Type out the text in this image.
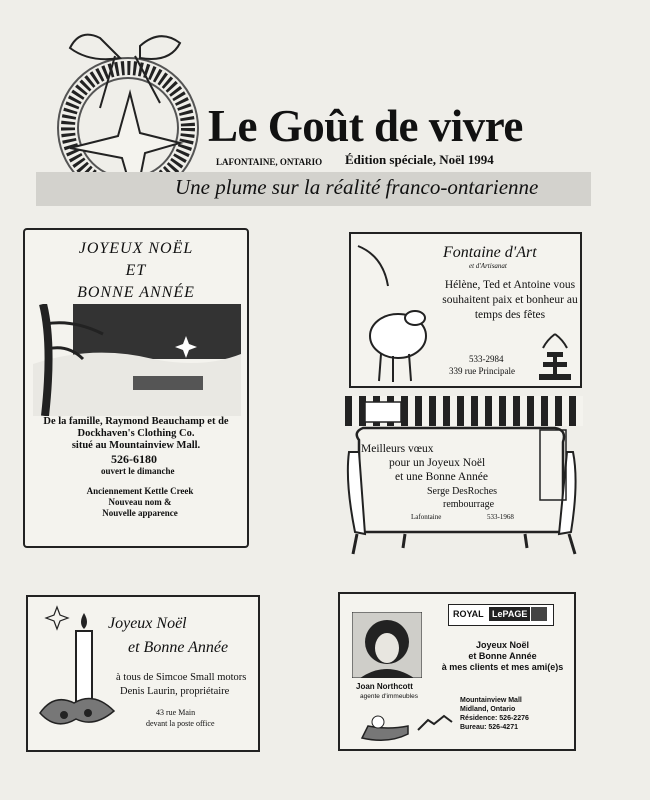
Le Goût de vivre
LAFONTAINE, ONTARIO Édition spéciale, Noël 1994
Une plume sur la réalité franco-ontarienne
JOYEUX NOËL
ET
BONNE ANNÉE
De la famille, Raymond Beauchamp et de
Dockhaven's Clothing Co.
situé au Mountainview Mall.
526-6180
ouvert le dimanche
Anciennement Kettle Creek
Nouveau nom &
Nouvelle apparence
Fontaine d'Art
et d'Artisanat
Hélène, Ted et Antoine vous
souhaitent paix et bonheur au
temps des fêtes
533-2984
339 rue Principale
Meilleurs vœux
pour un Joyeux Noël
et une Bonne Année
Serge DesRoches
rembourrage
Lafontaine	533-1968
Joyeux Noël
et Bonne Année
à tous de Simcoe Small motors
Denis Laurin, propriétaire
43 rue Main
devant la poste office
ROYAL LePAGE
Joyeux Noël
et Bonne Année
à mes clients et mes ami(e)s
Joan Northcott
agente d'immeubles
Mountainview Mall
Midland, Ontario
Résidence: 526-2276
Bureau: 526-4271
